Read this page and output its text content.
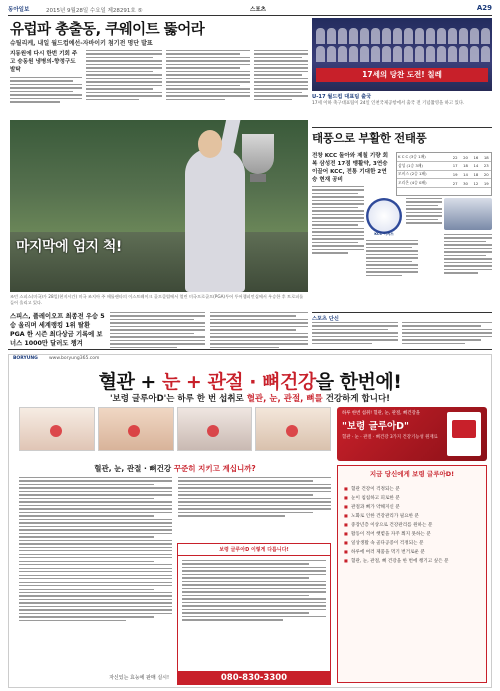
동아일보	2015년 9월28일 수요일 제28291호 ⑤	스포츠	A29
유럽파 총출동, 쿠웨이트 뚫어라
슈틸리케, 내일 월드컵예선-자바이키 첨기전 명단 발표
지동원에 다시 한번 기회 주고 승동원 냉병의-향정구도 발탁
마지막에 엄지 척!
조던 스피스(미국)가 28일(현지시간) 미국 조지아 주 애틀랜타의 이스트레이크 골프클럽에서 열린 미국프로골프(PGA)투어 투어챔피언십에서 우승한 후 트로피를 들어 올리고 있다.
스피스, 플레이오프 최종전 우승 5승 올리며 세계랭킹 1위 탈환 PGA 한 시즌 최다상금 기록에 보너스 1000만 달러도 챙겨
17세의 당찬 도전! 칠레
U-17 월드컵 대표팀 출국
17세 이하 축구대표팀이 24일 인천국제공항에서 출국 전 기념촬영을 하고 있다.
태풍으로 부활한 전태풍
전창 KCC 돌아와 제칠 기량 회복 삼성전 17점 맹활약, 3연승 이끌어 KCC, 전통 기대한 2연승 현재 공비
K C C (3승 1패)	22	20	16	18
삼성 (1승 3패)	17	18	14	23
모비스 (2승 1패)	19	14	18	20
오리온 (4승 0패)	27	30	12	19
KCC 이지스
스포츠 단신
BORYUNG www.boryung365.com
혈관 + 눈 + 관절 · 뼈건강을 한번에!
'보령 글루아D'는 하루 한 번 섭취로 혈관, 눈, 관절, 뼈를 건강하게 합니다!
하루 한번 섭취! 혈관, 눈, 관절, 뼈건강을
"보령 글루아D"
혈관 · 눈 · 관절 · 뼈건강 3가지 건강기능성 원재료
혈관, 눈, 관절 · 뼈건강 꾸준히 지키고 계십니까?
보령 글루아D 이렇게 다릅니다!
지금 당신에게 보령 글루아D!
■ 혈관 건강이 걱정되는 분
■ 눈이 침침하고 피로한 분
■ 관절과 뼈가 약해지신 분
■ 노화로 인한 건강관리가 필요한 분
■ 중장년층 이상으로 건강관리를 원하는 분
■ 활동이 적어 햇볕을 자주 쬐지 못하는 분
■ 일상생활 속 골다공증이 걱정되는 분
■ 하루에 여러 제품을 먹기 번거로운 분
■ 혈관, 눈, 관절, 뼈 건강을 한 번에 챙기고 싶은 분
자신있는 효능에 판매 실시!	080-830-3300
